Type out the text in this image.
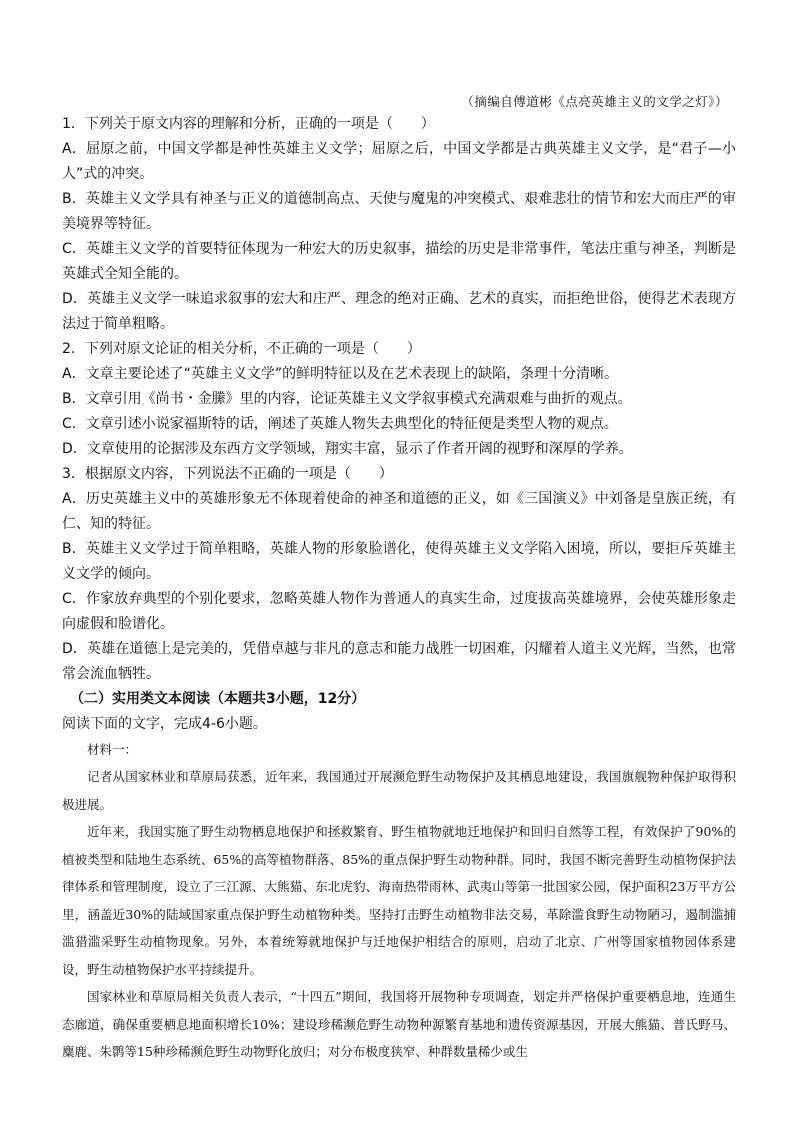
（摘编自傅道彬《点亮英雄主义的文学之灯》）

1．下列关于原文内容的理解和分析，正确的一项是（　　）

A．屈原之前，中国文学都是神性英雄主义文学；屈原之后，中国文学都是古典英雄主义文学，是“君子—小人”式的冲突。

B．英雄主义文学具有神圣与正义的道德制高点、天使与魔鬼的冲突模式、艰难悲壮的情节和宏大而庄严的审美境界等特征。

C．英雄主义文学的首要特征体现为一种宏大的历史叙事，描绘的历史是非常事件，笔法庄重与神圣，判断是英雄式全知全能的。

D．英雄主义文学一味追求叙事的宏大和庄严、理念的绝对正确、艺术的真实，而拒绝世俗，使得艺术表现方法过于简单粗略。

2．下列对原文论证的相关分析，不正确的一项是（　　）

A．文章主要论述了“英雄主义文学”的鲜明特征以及在艺术表现上的缺陷，条理十分清晰。

B．文章引用《尚书・金縢》里的内容，论证英雄主义文学叙事模式充满艰难与曲折的观点。

C．文章引述小说家福斯特的话，阐述了英雄人物失去典型化的特征便是类型人物的观点。

D．文章使用的论据涉及东西方文学领域，翔实丰富，显示了作者开阔的视野和深厚的学养。

3．根据原文内容，下列说法不正确的一项是（　　）

A．历史英雄主义中的英雄形象无不体现着使命的神圣和道德的正义，如《三国演义》中刘备是皇族正统，有仁、知的特征。

B．英雄主义文学过于简单粗略，英雄人物的形象脸谱化，使得英雄主义文学陷入困境，所以，要拒斥英雄主义文学的倾向。

C．作家放弃典型的个别化要求，忽略英雄人物作为普通人的真实生命，过度拔高英雄境界，会使英雄形象走向虚假和脸谱化。

D．英雄在道德上是完美的，凭借卓越与非凡的意志和能力战胜一切困难，闪耀着人道主义光辉，当然，也常常会流血牺牲。

（二）实用类文本阅读（本题共3小题，12分）

阅读下面的文字，完成4-6小题。

材料一：

记者从国家林业和草原局获悉，近年来，我国通过开展濒危野生动物保护及其栖息地建设，我国旗舰物种保护取得积极进展。

近年来，我国实施了野生动物栖息地保护和拯救繁育、野生植物就地迁地保护和回归自然等工程，有效保护了90%的植被类型和陆地生态系统、65%的高等植物群落、85%的重点保护野生动物种群。同时，我国不断完善野生动植物保护法律体系和管理制度，设立了三江源、大熊猫、东北虎豹、海南热带雨林、武夷山等第一批国家公园，保护面积23万平方公里，涵盖近30%的陆域国家重点保护野生动植物种类。坚持打击野生动植物非法交易，革除滥食野生动物陋习，遏制滥捕滥猎滥采野生动植物现象。另外，本着统筹就地保护与迁地保护相结合的原则，启动了北京、广州等国家植物园体系建设，野生动植物保护水平持续提升。

国家林业和草原局相关负责人表示，“十四五”期间，我国将开展物种专项调查，划定并严格保护重要栖息地，连通生态廊道，确保重要栖息地面积增长10%；建设珍稀濒危野生动物种源繁育基地和遗传资源基因，开展大熊猫、普氏野马、麋鹿、朱鹮等15种珍稀濒危野生动物野化放归；对分布极度狭窄、种群数量稀少或生
